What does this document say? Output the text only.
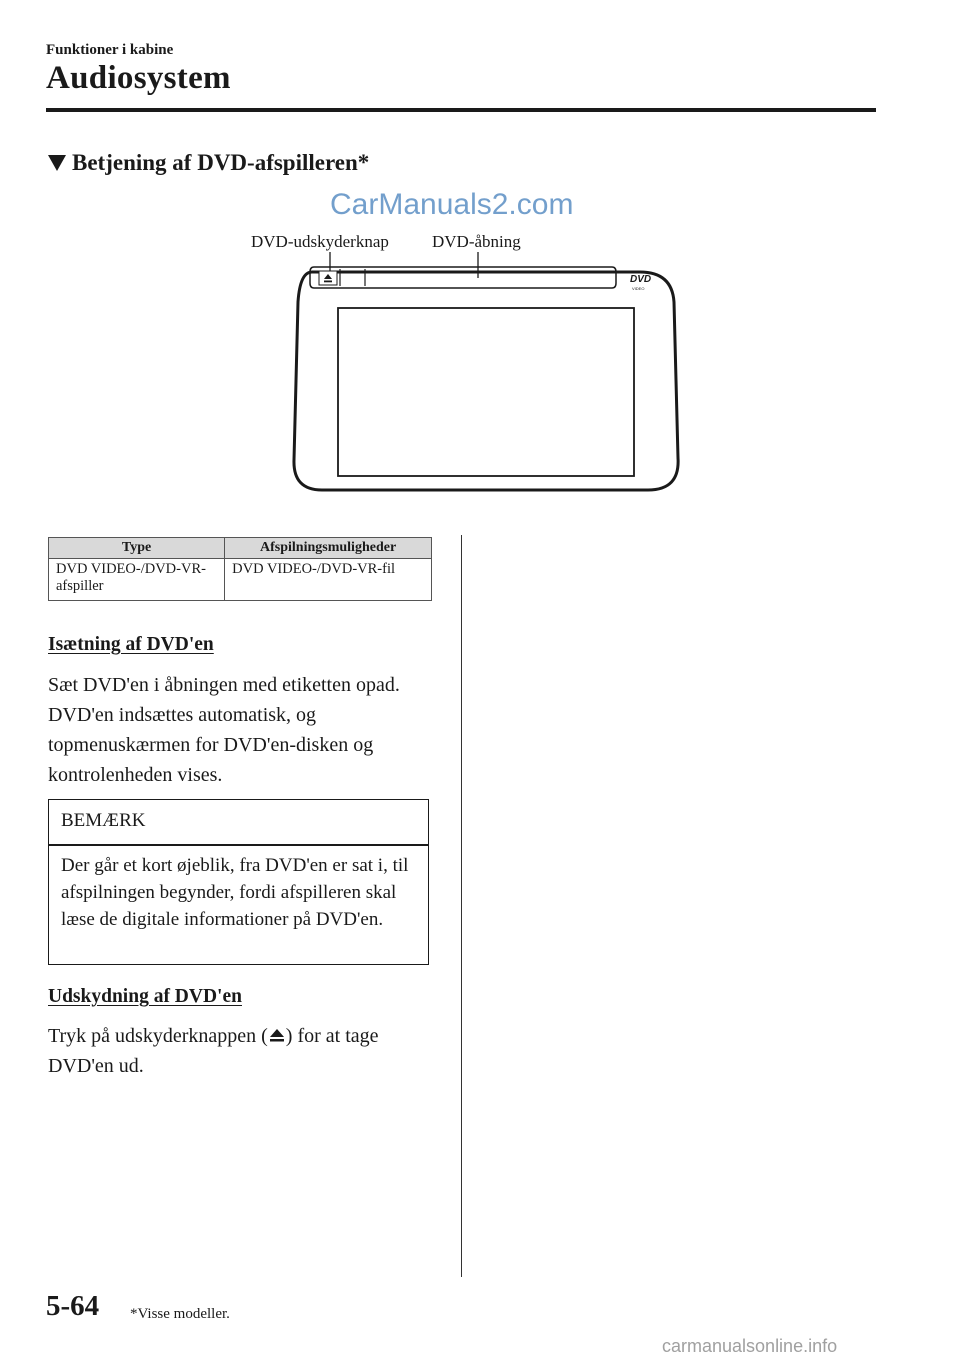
Funktioner i kabine
Audiosystem
Betjening af DVD-afspilleren*
CarManuals2.com
DVD-udskyderknap	DVD-åbning
DVD
VIDEO
Type	Afspilningsmuligheder
DVD VIDEO-/DVD-VR-afspiller	DVD VIDEO-/DVD-VR-fil
Isætning af DVD'en
Sæt DVD'en i åbningen med etiketten opad. DVD'en indsættes automatisk, og topmenuskærmen for DVD'en-disken og kontrolenheden vises.
BEMÆRK
Der går et kort øjeblik, fra DVD'en er sat i, til afspilningen begynder, fordi afspilleren skal læse de digitale informationer på DVD'en.
Udskydning af DVD'en
Tryk på udskyderknappen ( ) for at tage DVD'en ud.
5-64 *Visse modeller.
carmanualsonline.info
